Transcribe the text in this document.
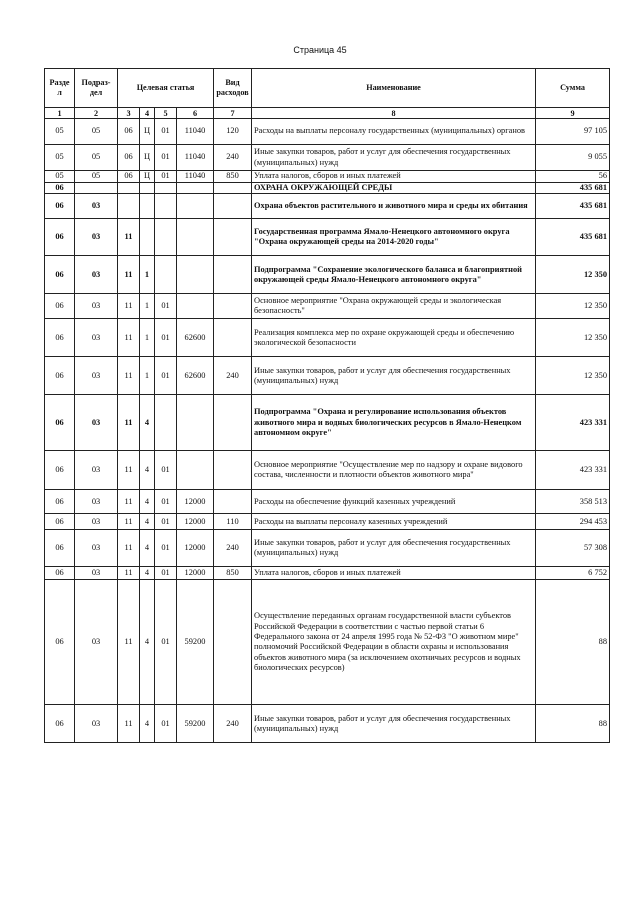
Страница 45
Разде л	Подраз-дел	Целевая статья				Вид расходов	Наименование	Сумма
1	2	3	4	5	6	7	8	9
05	05	06	Ц	01	11040	120	Расходы на выплаты персоналу государственных (муниципальных) органов	97 105
05	05	06	Ц	01	11040	240	Иные закупки товаров, работ и услуг для обеспечения государственных (муниципальных) нужд	9 055
05	05	06	Ц	01	11040	850	Уплата налогов, сборов и иных платежей	56
06							ОХРАНА ОКРУЖАЮЩЕЙ СРЕДЫ	435 681
06	03						Охрана объектов растительного и животного мира и среды их обитания	435 681
06	03	11					Государственная программа Ямало-Ненецкого автономного округа "Охрана окружающей среды на 2014-2020 годы"	435 681
06	03	11	1				Подпрограмма "Сохранение экологического баланса и благоприятной окружающей среды Ямало-Ненецкого автономного округа"	12 350
06	03	11	1	01			Основное мероприятие "Охрана окружающей среды и экологическая безопасность"	12 350
06	03	11	1	01	62600		Реализация комплекса мер по охране окружающей среды и обеспечению экологической безопасности	12 350
06	03	11	1	01	62600	240	Иные закупки товаров, работ и услуг для обеспечения государственных (муниципальных) нужд	12 350
06	03	11	4				Подпрограмма "Охрана и регулирование использования объектов животного мира и водных биологических ресурсов в Ямало-Ненецком автономном округе"	423 331
06	03	11	4	01			Основное мероприятие "Осуществление мер по надзору и охране видового состава, численности и плотности объектов животного мира"	423 331
06	03	11	4	01	12000		Расходы на обеспечение функций казенных учреждений	358 513
06	03	11	4	01	12000	110	Расходы на выплаты персоналу казенных учреждений	294 453
06	03	11	4	01	12000	240	Иные закупки товаров, работ и услуг для обеспечения государственных (муниципальных) нужд	57 308
06	03	11	4	01	12000	850	Уплата налогов, сборов и иных платежей	6 752
06	03	11	4	01	59200		Осуществление переданных органам государственной власти субъектов Российской Федерации в соответствии с частью первой статьи 6 Федерального закона от 24 апреля 1995 года № 52-ФЗ "О животном мире" полномочий Российской Федерации в области охраны и использования объектов животного мира (за исключением охотничьих ресурсов и водных биологических ресурсов)	88
06	03	11	4	01	59200	240	Иные закупки товаров, работ и услуг для обеспечения государственных (муниципальных) нужд	88
